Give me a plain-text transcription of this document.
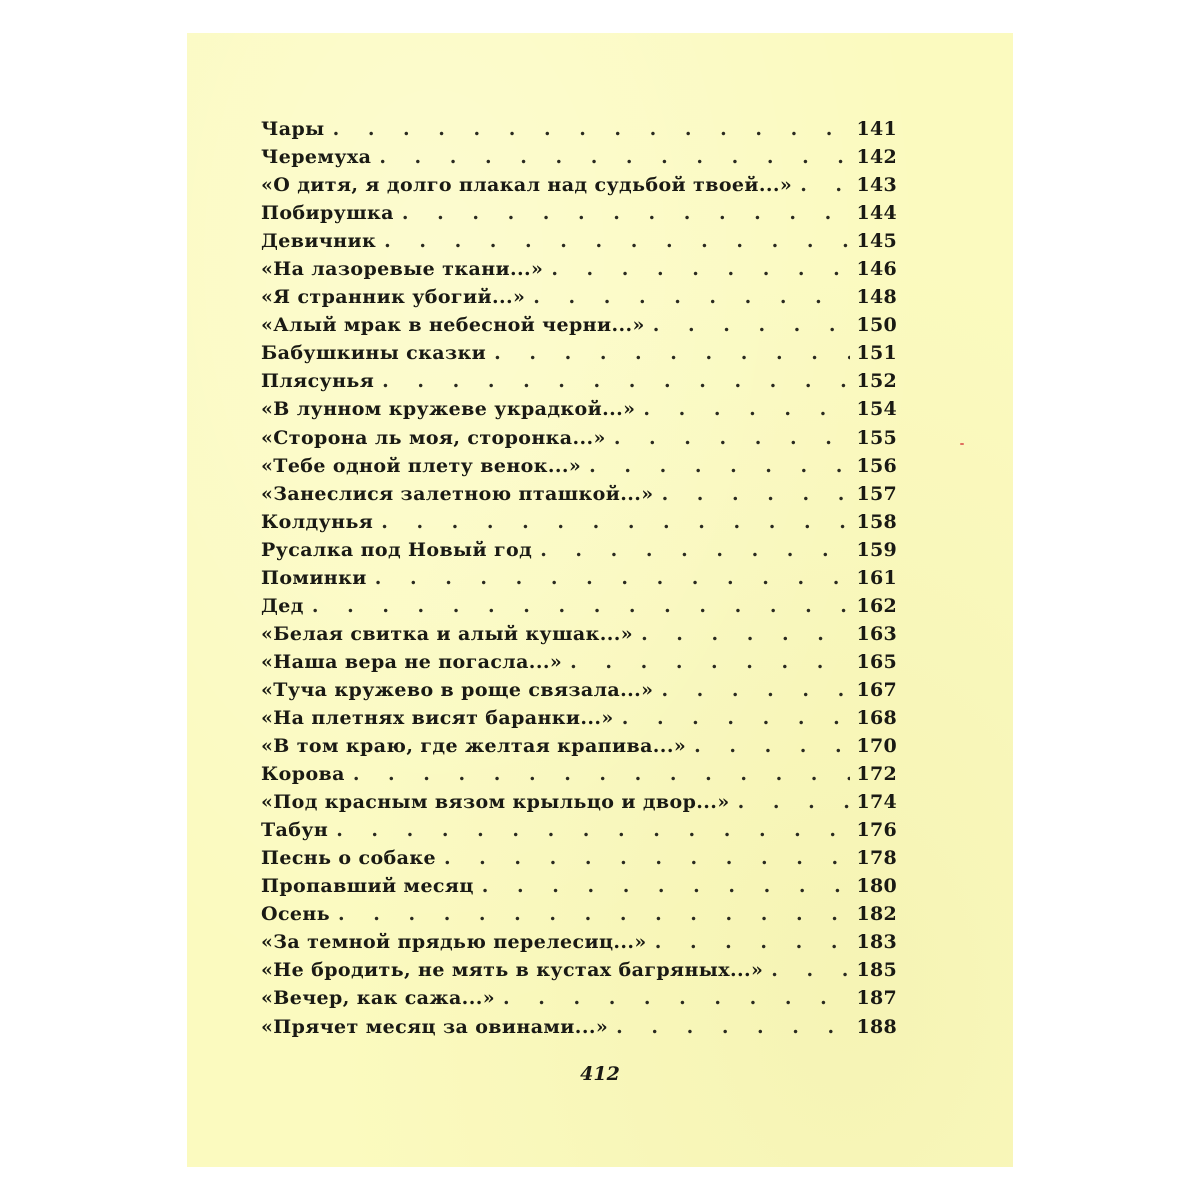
Чары . . .	141
Черемуха . . .	142
«О дитя, я долго плакал над судьбой твоей...» . . .	143
Побирушка . . .	144
Девичник . . .	145
«На лазоревые ткани...» . . .	146
«Я странник убогий...» . . .	148
«Алый мрак в небесной черни...» . . .	150
Бабушкины сказки . . .	151
Плясунья . . .	152
«В лунном кружеве украдкой...» . . .	154
«Сторона ль моя, сторонка...» . . .	155
«Тебе одной плету венок...» . . .	156
«Занеслися залетною пташкой...» . . .	157
Колдунья . . .	158
Русалка под Новый год . . .	159
Поминки . . .	161
Дед . . .	162
«Белая свитка и алый кушак...» . . .	163
«Наша вера не погасла...» . . .	165
«Туча кружево в роще связала...» . . .	167
«На плетнях висят баранки...» . . .	168
«В том краю, где желтая крапива...» . . .	170
Корова . . .	172
«Под красным вязом крыльцо и двор...» . . .	174
Табун . . .	176
Песнь о собаке . . .	178
Пропавший месяц . . .	180
Осень . . .	182
«За темной прядью перелесиц...» . . .	183
«Не бродить, не мять в кустах багряных...» . . .	185
«Вечер, как сажа...» . . .	187
«Прячет месяц за овинами...» . . .	188
412
